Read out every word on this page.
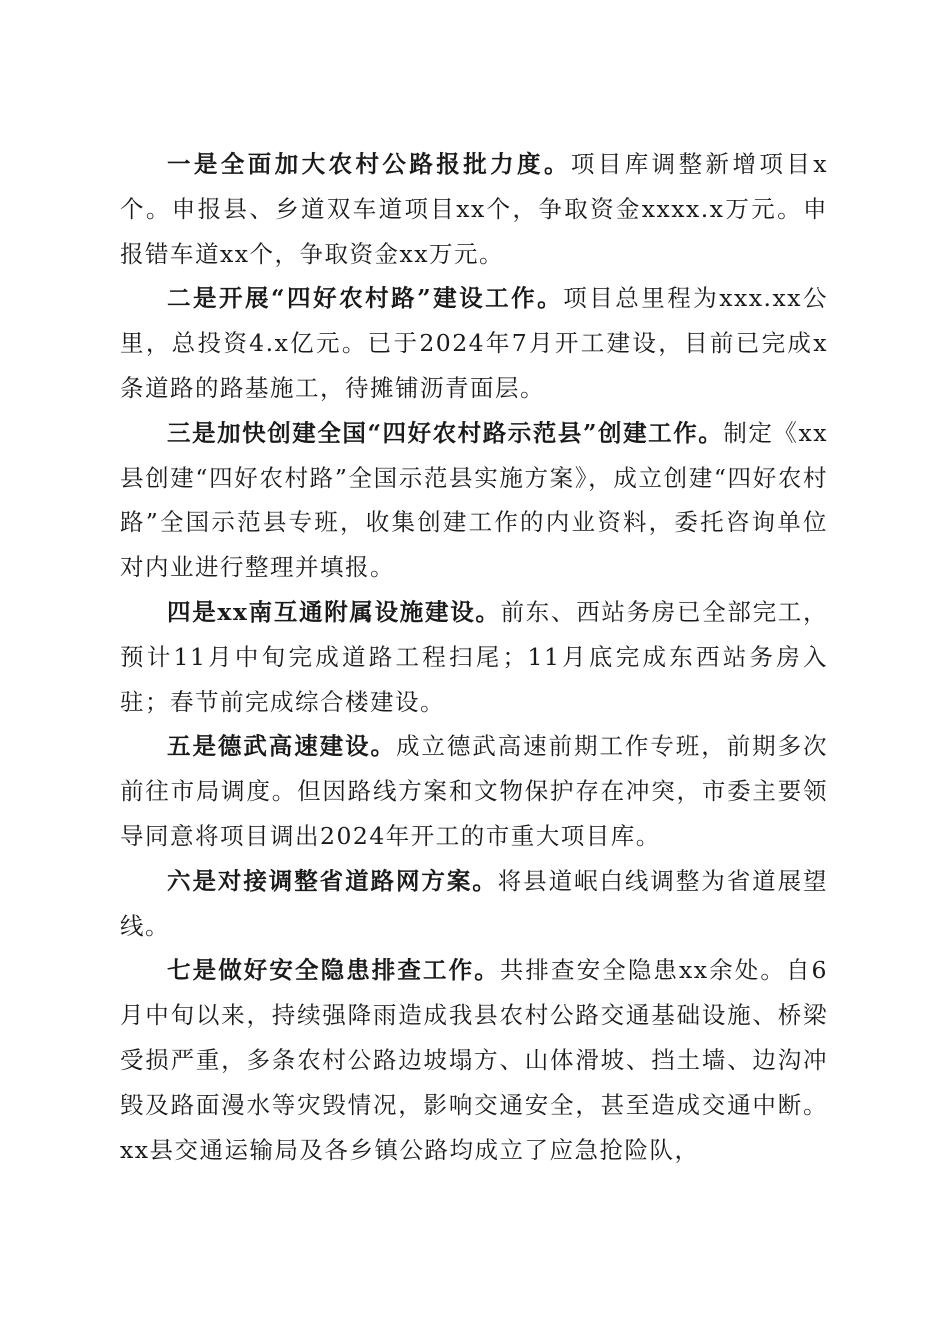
一是全面加大农村公路报批力度。项目库调整新增项目x个。申报县、乡道双车道项目xx个，争取资金xxxx.x万元。申报错车道xx个，争取资金xx万元。

二是开展“四好农村路”建设工作。项目总里程为xxx.xx公里，总投资4.x亿元。已于2024年7月开工建设，目前已完成x条道路的路基施工，待摊铺沥青面层。

三是加快创建全国“四好农村路示范县”创建工作。制定《xx县创建“四好农村路”全国示范县实施方案》，成立创建“四好农村路”全国示范县专班，收集创建工作的内业资料，委托咨询单位对内业进行整理并填报。

四是xx南互通附属设施建设。前东、西站务房已全部完工，预计11月中旬完成道路工程扫尾；11月底完成东西站务房入驻；春节前完成综合楼建设。

五是德武高速建设。成立德武高速前期工作专班，前期多次前往市局调度。但因路线方案和文物保护存在冲突，市委主要领导同意将项目调出2024年开工的市重大项目库。

六是对接调整省道路网方案。将县道岷白线调整为省道展望线。

七是做好安全隐患排查工作。共排查安全隐患xx余处。自6月中旬以来，持续强降雨造成我县农村公路交通基础设施、桥梁受损严重，多条农村公路边坡塌方、山体滑坡、挡土墙、边沟冲毁及路面漫水等灾毁情况，影响交通安全，甚至造成交通中断。xx县交通运输局及各乡镇公路均成立了应急抢险队，
